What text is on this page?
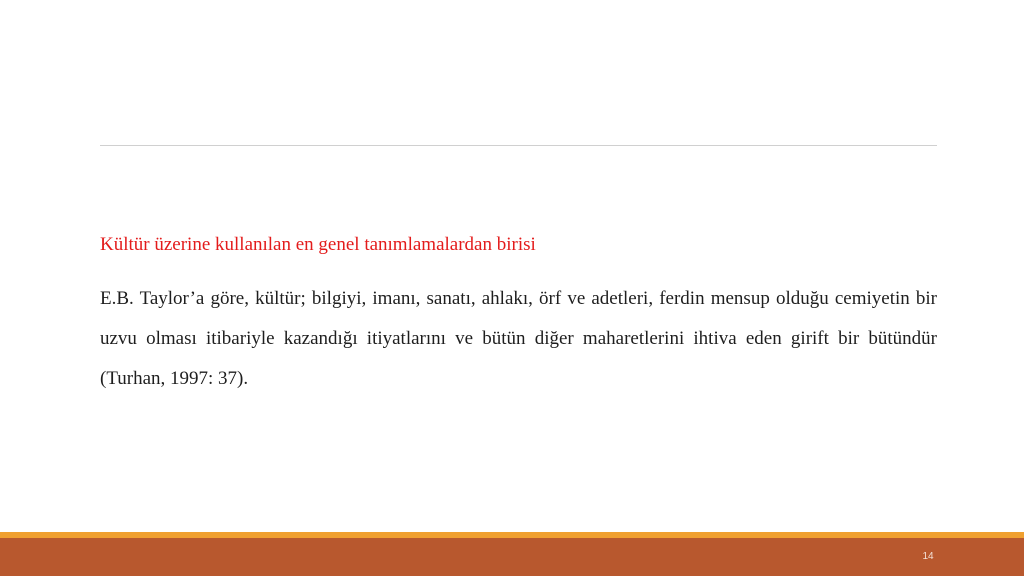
Kültür üzerine kullanılan en genel tanımlamalardan birisi
E.B. Taylor’a göre, kültür; bilgiyi, imanı, sanatı, ahlakı, örf ve adetleri, ferdin mensup olduğu cemiyetin bir uzvu olması itibariyle kazandığı itiyatlarını ve bütün diğer maharetlerini ihtiva eden girift bir bütündür (Turhan, 1997: 37).
14
